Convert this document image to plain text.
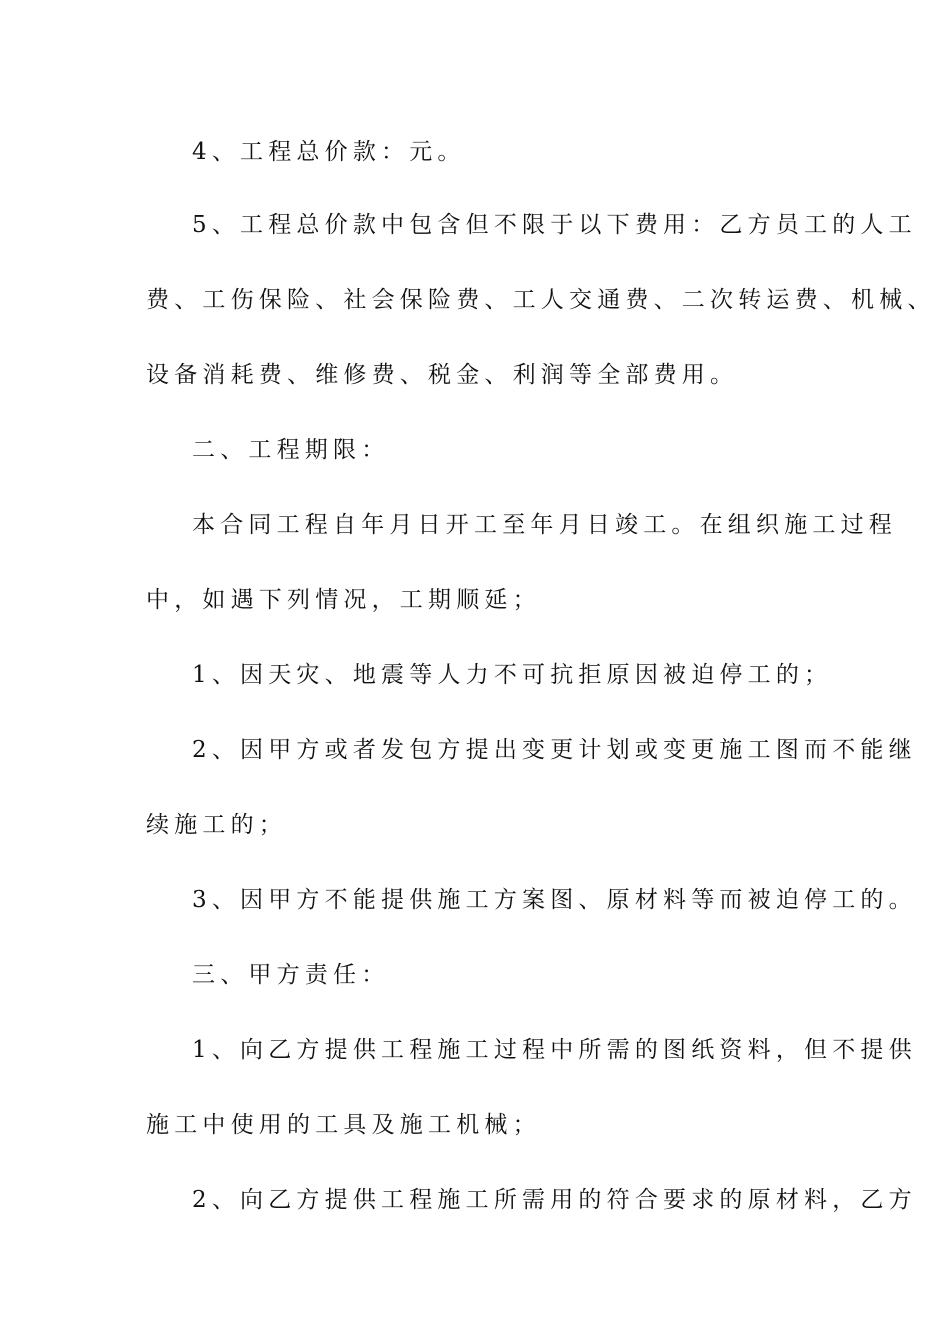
4、工程总价款：元。
5、工程总价款中包含但不限于以下费用：乙方员工的人工
费、工伤保险、社会保险费、工人交通费、二次转运费、机械、
设备消耗费、维修费、税金、利润等全部费用。
二、工程期限：
本合同工程自年月日开工至年月日竣工。在组织施工过程
中，如遇下列情况，工期顺延；
1、因天灾、地震等人力不可抗拒原因被迫停工的；
2、因甲方或者发包方提出变更计划或变更施工图而不能继
续施工的；
3、因甲方不能提供施工方案图、原材料等而被迫停工的。
三、甲方责任：
1、向乙方提供工程施工过程中所需的图纸资料，但不提供
施工中使用的工具及施工机械；
2、向乙方提供工程施工所需用的符合要求的原材料，乙方
